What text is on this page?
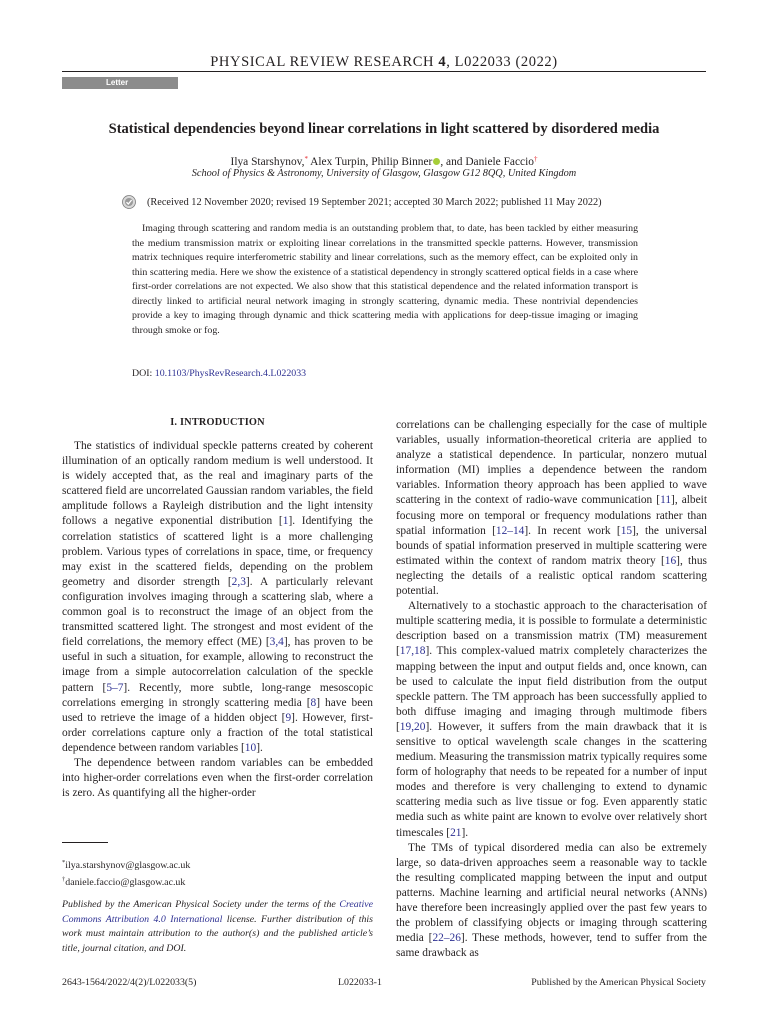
PHYSICAL REVIEW RESEARCH 4, L022033 (2022)
Letter
Statistical dependencies beyond linear correlations in light scattered by disordered media
Ilya Starshynov,* Alex Turpin, Philip Binner , and Daniele Faccio†
School of Physics & Astronomy, University of Glasgow, Glasgow G12 8QQ, United Kingdom
(Received 12 November 2020; revised 19 September 2021; accepted 30 March 2022; published 11 May 2022)

Imaging through scattering and random media is an outstanding problem that, to date, has been tackled by either measuring the medium transmission matrix or exploiting linear correlations in the transmitted speckle patterns. However, transmission matrix techniques require interferometric stability and linear correlations, such as the memory effect, can be exploited only in thin scattering media. Here we show the existence of a statistical dependency in strongly scattered optical fields in a case where first-order correlations are not expected. We also show that this statistical dependence and the related information transport is directly linked to artificial neural network imaging in strongly scattering, dynamic media. These nontrivial dependencies provide a key to imaging through dynamic and thick scattering media with applications for deep-tissue imaging or imaging through smoke or fog.

DOI: 10.1103/PhysRevResearch.4.L022033
I. INTRODUCTION

The statistics of individual speckle patterns created by coherent illumination of an optically random medium is well understood. It is widely accepted that, as the real and imaginary parts of the scattered field are uncorrelated Gaussian random variables, the field amplitude follows a Rayleigh distribution and the light intensity follows a negative exponential distribution [1]. Identifying the correlation statistics of scattered light is a more challenging problem. Various types of correlations in space, time, or frequency may exist in the scattered fields, depending on the problem geometry and disorder strength [2,3]. A particularly relevant configuration involves imaging through a scattering slab, where a common goal is to reconstruct the image of an object from the transmitted scattered light. The strongest and most evident of the field correlations, the memory effect (ME) [3,4], has proven to be useful in such a situation, for example, allowing to reconstruct the image from a simple autocorrelation calculation of the speckle pattern [5–7]. Recently, more subtle, long-range mesoscopic correlations emerging in strongly scattering media [8] have been used to retrieve the image of a hidden object [9]. However, first-order correlations capture only a fraction of the total statistical dependence between random variables [10].

The dependence between random variables can be embedded into higher-order correlations even when the first-order correlation is zero. As quantifying all the higher-order

correlations can be challenging especially for the case of multiple variables, usually information-theoretical criteria are applied to analyze a statistical dependence. In particular, nonzero mutual information (MI) implies a dependence between the random variables. Information theory approach has been applied to wave scattering in the context of radio-wave communication [11], albeit focusing more on temporal or frequency modulations rather than spatial information [12–14]. In recent work [15], the universal bounds of spatial information preserved in multiple scattering were estimated within the context of random matrix theory [16], thus neglecting the details of a realistic optical random scattering potential.

Alternatively to a stochastic approach to the characterisation of multiple scattering media, it is possible to formulate a deterministic description based on a transmission matrix (TM) measurement [17,18]. This complex-valued matrix completely characterizes the mapping between the input and output fields and, once known, can be used to calculate the input field distribution from the output speckle pattern. The TM approach has been successfully applied to both diffuse imaging and imaging through multimode fibers [19,20]. However, it suffers from the main drawback that it is sensitive to optical wavelength scale changes in the scattering medium. Measuring the transmission matrix typically requires some form of holography that needs to be repeated for a number of input modes and therefore is very challenging to extend to dynamic scattering media such as live tissue or fog. Even apparently static media such as white paint are known to evolve over relatively short timescales [21].

The TMs of typical disordered media can also be extremely large, so data-driven approaches seem a reasonable way to tackle the resulting complicated mapping between the input and output patterns. Machine learning and artificial neural networks (ANNs) have therefore been increasingly applied over the past few years to the problem of classifying objects or imaging through scattering media [22–26]. These methods, however, tend to suffer from the same drawback as

*ilya.starshynov@glasgow.ac.uk
†daniele.faccio@glasgow.ac.uk

Published by the American Physical Society under the terms of the Creative Commons Attribution 4.0 International license. Further distribution of this work must maintain attribution to the author(s) and the published article’s title, journal citation, and DOI.

2643-1564/2022/4(2)/L022033(5)	L022033-1	Published by the American Physical Society
